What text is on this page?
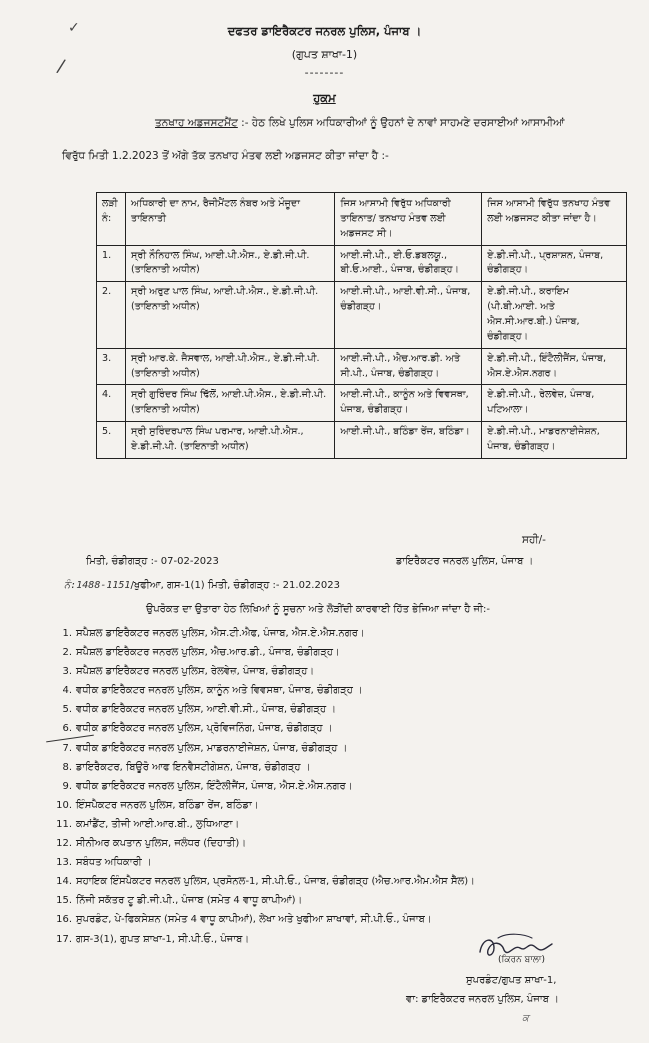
✓
/
ਦਫਤਰ ਡਾਇਰੈਕਟਰ ਜਨਰਲ ਪੁਲਿਸ, ਪੰਜਾਬ ।
(ਗੁਪਤ ਸ਼ਾਖਾ-1)
--------
ਹੁਕਮ
ਤਨਖਾਹ ਅਡਜਸਟਮੈਂਟ :- ਹੇਠ ਲਿਖੇ ਪੁਲਿਸ ਅਧਿਕਾਰੀਆਂ ਨੂੰ ਉਹਨਾਂ ਦੇ ਨਾਵਾਂ ਸਾਹਮਣੇ ਦਰਸਾਈਆਂ ਆਸਾਮੀਆਂ
ਵਿਰੁੱਧ ਮਿਤੀ 1.2.2023 ਤੋਂ ਅੱਗੇ ਤੱਕ ਤਨਖਾਹ ਮੰਤਵ ਲਈ ਅਡਜਸਟ ਕੀਤਾ ਜਾਂਦਾ ਹੈ :-
ਲੜੀ ਨੰ:	ਅਧਿਕਾਰੀ ਦਾ ਨਾਮ, ਰੈਜੀਮੈਂਟਲ ਨੰਬਰ ਅਤੇ ਮੌਜੂਦਾ ਤਾਇਨਾਤੀ	ਜਿਸ ਆਸਾਮੀ ਵਿਰੁੱਧ ਅਧਿਕਾਰੀ ਤਾਇਨਾਤ/ ਤਨਖਾਹ ਮੰਤਵ ਲਈ ਅਡਜਸਟ ਸੀ।	ਜਿਸ ਆਸਾਮੀ ਵਿਰੁੱਧ ਤਨਖਾਹ ਮੰਤਵ ਲਈ ਅਡਜਸਟ ਕੀਤਾ ਜਾਂਦਾ ਹੈ।
1.	ਸ੍ਰੀ ਨੌਨਿਹਾਲ ਸਿੰਘ, ਆਈ.ਪੀ.ਐਸ., ਏ.ਡੀ.ਜੀ.ਪੀ. (ਤਾਇਨਾਤੀ ਅਧੀਨ)	ਆਈ.ਜੀ.ਪੀ., ਈ.ਓ.ਡਬਲਯੂ., ਬੀ.ਓ.ਆਈ., ਪੰਜਾਬ, ਚੰਡੀਗੜ੍ਹ।	ਏ.ਡੀ.ਜੀ.ਪੀ., ਪ੍ਰਸ਼ਾਸ਼ਨ, ਪੰਜਾਬ, ਚੰਡੀਗੜ੍ਹ।
2.	ਸ੍ਰੀ ਅਰੁਣ ਪਾਲ ਸਿੰਘ, ਆਈ.ਪੀ.ਐਸ., ਏ.ਡੀ.ਜੀ.ਪੀ. (ਤਾਇਨਾਤੀ ਅਧੀਨ)	ਆਈ.ਜੀ.ਪੀ., ਆਈ.ਵੀ.ਸੀ., ਪੰਜਾਬ, ਚੰਡੀਗੜ੍ਹ।	ਏ.ਡੀ.ਜੀ.ਪੀ., ਕਰਾਇਮ (ਪੀ.ਬੀ.ਆਈ. ਅਤੇ ਐਸ.ਸੀ.ਆਰ.ਬੀ.) ਪੰਜਾਬ, ਚੰਡੀਗੜ੍ਹ।
3.	ਸ੍ਰੀ ਆਰ.ਕੇ. ਜੈਸਵਾਲ, ਆਈ.ਪੀ.ਐਸ., ਏ.ਡੀ.ਜੀ.ਪੀ. (ਤਾਇਨਾਤੀ ਅਧੀਨ)	ਆਈ.ਜੀ.ਪੀ., ਐਚ.ਆਰ.ਡੀ. ਅਤੇ ਸੀ.ਪੀ., ਪੰਜਾਬ, ਚੰਡੀਗੜ੍ਹ।	ਏ.ਡੀ.ਜੀ.ਪੀ., ਇੰਟੈਲੀਜੈਂਸ, ਪੰਜਾਬ, ਐਸ.ਏ.ਐਸ.ਨਗਰ।
4.	ਸ੍ਰੀ ਗੁਰਿੰਦਰ ਸਿੰਘ ਢਿੱਲੋਂ, ਆਈ.ਪੀ.ਐਸ., ਏ.ਡੀ.ਜੀ.ਪੀ. (ਤਾਇਨਾਤੀ ਅਧੀਨ)	ਆਈ.ਜੀ.ਪੀ., ਕਾਨੂੰਨ ਅਤੇ ਵਿਵਸਥਾ, ਪੰਜਾਬ, ਚੰਡੀਗੜ੍ਹ।	ਏ.ਡੀ.ਜੀ.ਪੀ., ਰੇਲਵੇਜ਼, ਪੰਜਾਬ, ਪਟਿਆਲਾ।
5.	ਸ੍ਰੀ ਸੁਰਿੰਦਰਪਾਲ ਸਿੰਘ ਪਰਮਾਰ, ਆਈ.ਪੀ.ਐਸ., ਏ.ਡੀ.ਜੀ.ਪੀ. (ਤਾਇਨਾਤੀ ਅਧੀਨ)	ਆਈ.ਜੀ.ਪੀ., ਬਠਿੰਡਾ ਰੇਂਜ, ਬਠਿੰਡਾ।	ਏ.ਡੀ.ਜੀ.ਪੀ., ਮਾਡਰਨਾਈਜੇਸ਼ਨ, ਪੰਜਾਬ, ਚੰਡੀਗੜ੍ਹ।
ਸਹੀ/-
ਮਿਤੀ, ਚੰਡੀਗੜ੍ਹ :- 07-02-2023	ਡਾਇਰੈਕਟਰ ਜਨਰਲ ਪੁਲਿਸ, ਪੰਜਾਬ ।
ਨੰ:1488-1151/ਖੁਫੀਆ, ਗਸ-1(1) ਮਿਤੀ, ਚੰਡੀਗੜ੍ਹ :- 21.02.2023
ਉਪਰੋਕਤ ਦਾ ਉਤਾਰਾ ਹੇਠ ਲਿਖਿਆਂ ਨੂੰ ਸੂਚਨਾ ਅਤੇ ਲੋੜੀਂਦੀ ਕਾਰਵਾਈ ਹਿੱਤ ਭੇਜਿਆ ਜਾਂਦਾ ਹੈ ਜੀ:-
1. ਸਪੈਸ਼ਲ ਡਾਇਰੈਕਟਰ ਜਨਰਲ ਪੁਲਿਸ, ਐਸ.ਟੀ.ਐਫ, ਪੰਜਾਬ, ਐਸ.ਏ.ਐਸ.ਨਗਰ।
2. ਸਪੈਸ਼ਲ ਡਾਇਰੈਕਟਰ ਜਨਰਲ ਪੁਲਿਸ, ਐਚ.ਆਰ.ਡੀ., ਪੰਜਾਬ, ਚੰਡੀਗੜ੍ਹ।
3. ਸਪੈਸ਼ਲ ਡਾਇਰੈਕਟਰ ਜਨਰਲ ਪੁਲਿਸ, ਰੇਲਵੇਜ਼, ਪੰਜਾਬ, ਚੰਡੀਗੜ੍ਹ।
4. ਵਧੀਕ ਡਾਇਰੈਕਟਰ ਜਨਰਲ ਪੁਲਿਸ, ਕਾਨੂੰਨ ਅਤੇ ਵਿਵਸਥਾ, ਪੰਜਾਬ, ਚੰਡੀਗੜ੍ਹ ।
5. ਵਧੀਕ ਡਾਇਰੈਕਟਰ ਜਨਰਲ ਪੁਲਿਸ, ਆਈ.ਵੀ.ਸੀ., ਪੰਜਾਬ, ਚੰਡੀਗੜ੍ਹ ।
6. ਵਧੀਕ ਡਾਇਰੈਕਟਰ ਜਨਰਲ ਪੁਲਿਸ, ਪ੍ਰੋਵਿਜਨਿੰਗ, ਪੰਜਾਬ, ਚੰਡੀਗੜ੍ਹ ।
7. ਵਧੀਕ ਡਾਇਰੈਕਟਰ ਜਨਰਲ ਪੁਲਿਸ, ਮਾਡਰਨਾਈਜੇਸ਼ਨ, ਪੰਜਾਬ, ਚੰਡੀਗੜ੍ਹ ।
8. ਡਾਇਰੈਕਟਰ, ਬਿਊਰੋ ਆਫ ਇਨਵੈਸਟੀਗੇਸ਼ਨ, ਪੰਜਾਬ, ਚੰਡੀਗੜ੍ਹ ।
9. ਵਧੀਕ ਡਾਇਰੈਕਟਰ ਜਨਰਲ ਪੁਲਿਸ, ਇੰਟੈਲੀਜੈਂਸ, ਪੰਜਾਬ, ਐਸ.ਏ.ਐਸ.ਨਗਰ।
10. ਇੰਸਪੈਕਟਰ ਜਨਰਲ ਪੁਲਿਸ, ਬਠਿੰਡਾ ਰੇਂਜ, ਬਠਿੰਡਾ।
11. ਕਮਾਂਡੈਂਟ, ਤੀਜੀ ਆਈ.ਆਰ.ਬੀ., ਲੁਧਿਆਣਾ।
12. ਸੀਨੀਅਰ ਕਪਤਾਨ ਪੁਲਿਸ, ਜਲੰਧਰ (ਦਿਹਾਤੀ)।
13. ਸਬੰਧਤ ਅਧਿਕਾਰੀ ।
14. ਸਹਾਇਕ ਇੰਸਪੈਕਟਰ ਜਨਰਲ ਪੁਲਿਸ, ਪ੍ਰਸੋਨਲ-1, ਸੀ.ਪੀ.ਓ., ਪੰਜਾਬ, ਚੰਡੀਗੜ੍ਹ (ਐਚ.ਆਰ.ਐਮ.ਐਸ ਸੈੱਲ)।
15. ਨਿੱਜੀ ਸਕੱਤਰ ਟੂ ਡੀ.ਜੀ.ਪੀ., ਪੰਜਾਬ (ਸਮੇਤ 4 ਵਾਧੂ ਕਾਪੀਆਂ)।
16. ਸੁਪਰਡੰਟ, ਪੇ-ਫਿਕਸੇਸ਼ਨ (ਸਮੇਤ 4 ਵਾਧੂ ਕਾਪੀਆਂ), ਲੇਖਾ ਅਤੇ ਖੁਫੀਆ ਸ਼ਾਖਾਵਾਂ, ਸੀ.ਪੀ.ਓ., ਪੰਜਾਬ।
17. ਗਸ-3(1), ਗੁਪਤ ਸ਼ਾਖਾ-1, ਸੀ.ਪੀ.ਓ., ਪੰਜਾਬ।
(ਕਿਰਨ ਬਾਲਾ)
ਸੁਪਰਡੰਟ/ਗੁਪਤ ਸ਼ਾਖਾ-1,
ਵਾ: ਡਾਇਰੈਕਟਰ ਜਨਰਲ ਪੁਲਿਸ, ਪੰਜਾਬ ।
ਕ
